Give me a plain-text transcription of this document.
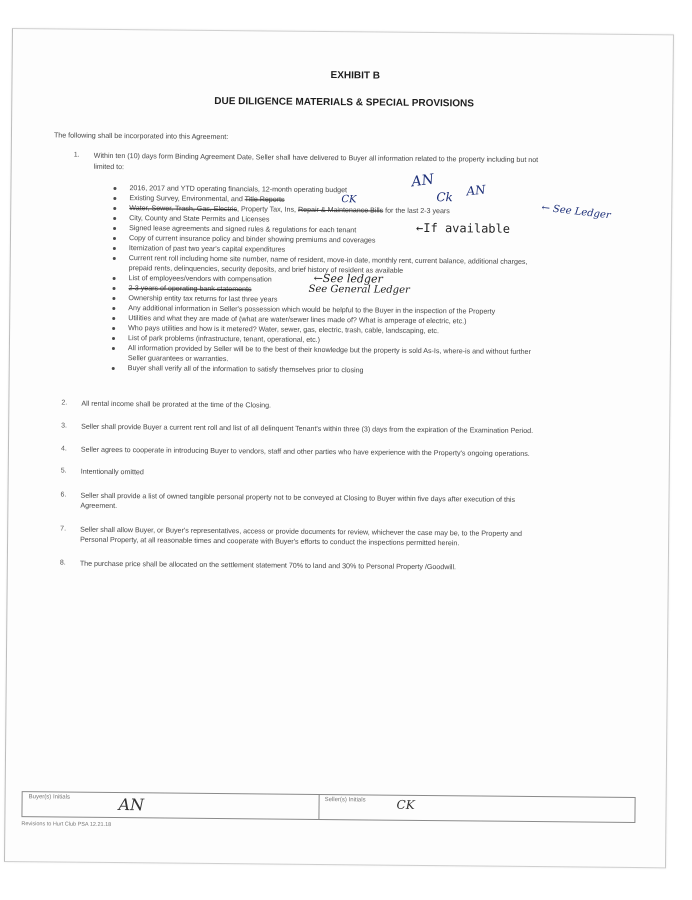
EXHIBIT B
DUE DILIGENCE MATERIALS & SPECIAL PROVISIONS
The following shall be incorporated into this Agreement:
1. Within ten (10) days form Binding Agreement Date, Seller shall have delivered to Buyer all information related to the property including but not
limited to:
2016, 2017 and YTD operating financials, 12-month operating budget
Existing Survey, Environmental, and Title Reports
Water, Sewer, Trash, Gas, Electric, Property Tax, Ins, Repair & Maintenance Bills for the last 2-3 years
City, County and State Permits and Licenses
Signed lease agreements and signed rules & regulations for each tenant
Copy of current insurance policy and binder showing premiums and coverages
Itemization of past two year's capital expenditures
Current rent roll including home site number, name of resident, move-in date, monthly rent, current balance, additional charges,
prepaid rents, delinquencies, security deposits, and brief history of resident as available
List of employees/vendors with compensation
2-3 years of operating bank statements
Ownership entity tax returns for last three years
Any additional information in Seller's possession which would be helpful to the Buyer in the inspection of the Property
Utilities and what they are made of (what are water/sewer lines made of? What is amperage of electric, etc.)
Who pays utilities and how is it metered? Water, sewer, gas, electric, trash, cable, landscaping, etc.
List of park problems (infrastructure, tenant, operational, etc.)
All information provided by Seller will be to the best of their knowledge but the property is sold As-Is, where-is and without further
Seller guarantees or warranties.
Buyer shall verify all of the information to satisfy themselves prior to closing
AN
CK	Ck AN
← See Ledger
←If available
←See ledger
See General Ledger
2. All rental income shall be prorated at the time of the Closing.
3. Seller shall provide Buyer a current rent roll and list of all delinquent Tenant's within three (3) days from the expiration of the Examination Period.
4. Seller agrees to cooperate in introducing Buyer to vendors, staff and other parties who have experience with the Property's ongoing operations.
5. Intentionally omitted
6. Seller shall provide a list of owned tangible personal property not to be conveyed at Closing to Buyer within five days after execution of this
Agreement.
7. Seller shall allow Buyer, or Buyer's representatives, access or provide documents for review, whichever the case may be, to the Property and
Personal Property, at all reasonable times and cooperate with Buyer's efforts to conduct the inspections permitted herein.
8. The purchase price shall be allocated on the settlement statement 70% to land and 30% to Personal Property /Goodwill.
Buyer(s) Initials	AN	Seller(s) Initials	CK
Revisions to Hurt Club PSA 12.21.18
